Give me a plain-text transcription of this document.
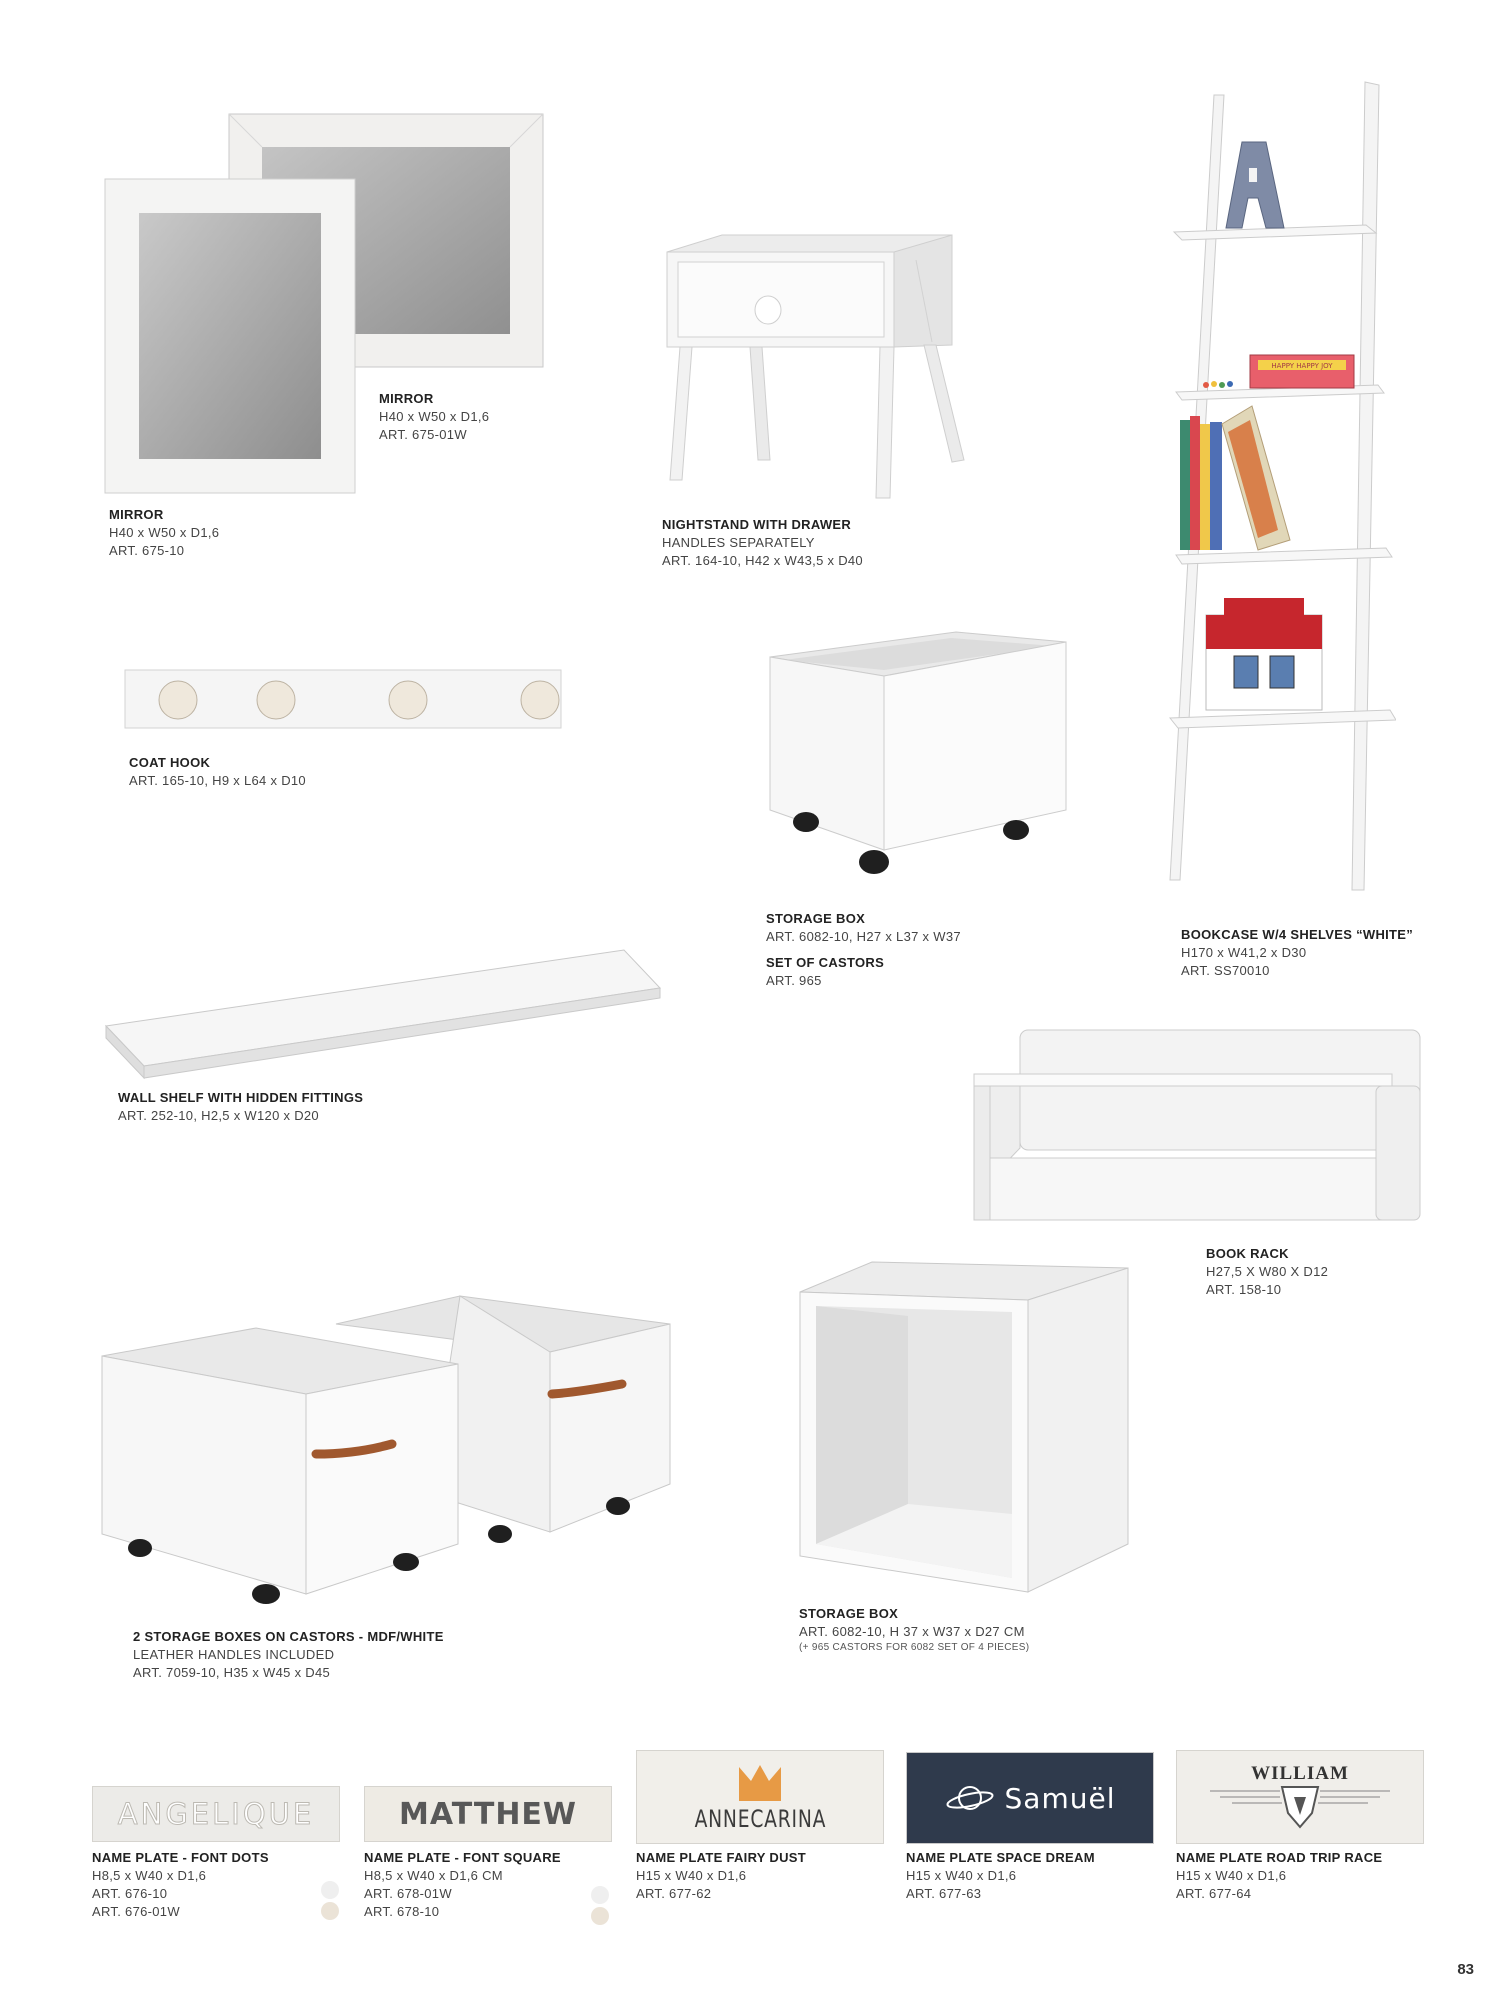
MIRROR
H40 x W50 x D1,6
ART. 675-01W
MIRROR
H40 x W50 x D1,6
ART. 675-10
NIGHTSTAND WITH DRAWER
HANDLES SEPARATELY
ART. 164-10, H42 x W43,5 x D40
HAPPY HAPPY JOY
BOOKCASE W/4 SHELVES “WHITE”
H170 x W41,2 x D30
ART. SS70010
COAT HOOK
ART. 165-10, H9 x L64 x D10
STORAGE BOX
ART. 6082-10, H27 x L37 x W37
SET OF CASTORS
ART. 965
WALL SHELF WITH HIDDEN FITTINGS
ART. 252-10, H2,5 x W120 x D20
BOOK RACK
H27,5 X W80 X D12
ART. 158-10
2 STORAGE BOXES ON CASTORS - MDF/WHITE
LEATHER HANDLES INCLUDED
ART. 7059-10, H35 x W45 x D45
STORAGE BOX
ART. 6082-10, H 37 x W37 x D27 CM
(+ 965 CASTORS FOR 6082 SET OF 4 PIECES)
ANGELIQUE	MATTHEW	ANNECARINA
Samuël
WILLIAM
NAME PLATE - FONT DOTS
H8,5 x W40 x D1,6
ART. 676-10
ART. 676-01W
NAME PLATE - FONT SQUARE
H8,5 x W40 x D1,6 CM
ART. 678-01W
ART. 678-10
NAME PLATE FAIRY DUST
H15 x W40 x D1,6
ART. 677-62
NAME PLATE SPACE DREAM
H15 x W40 x D1,6
ART. 677-63
NAME PLATE ROAD TRIP RACE
H15 x W40 x D1,6
ART. 677-64
83
